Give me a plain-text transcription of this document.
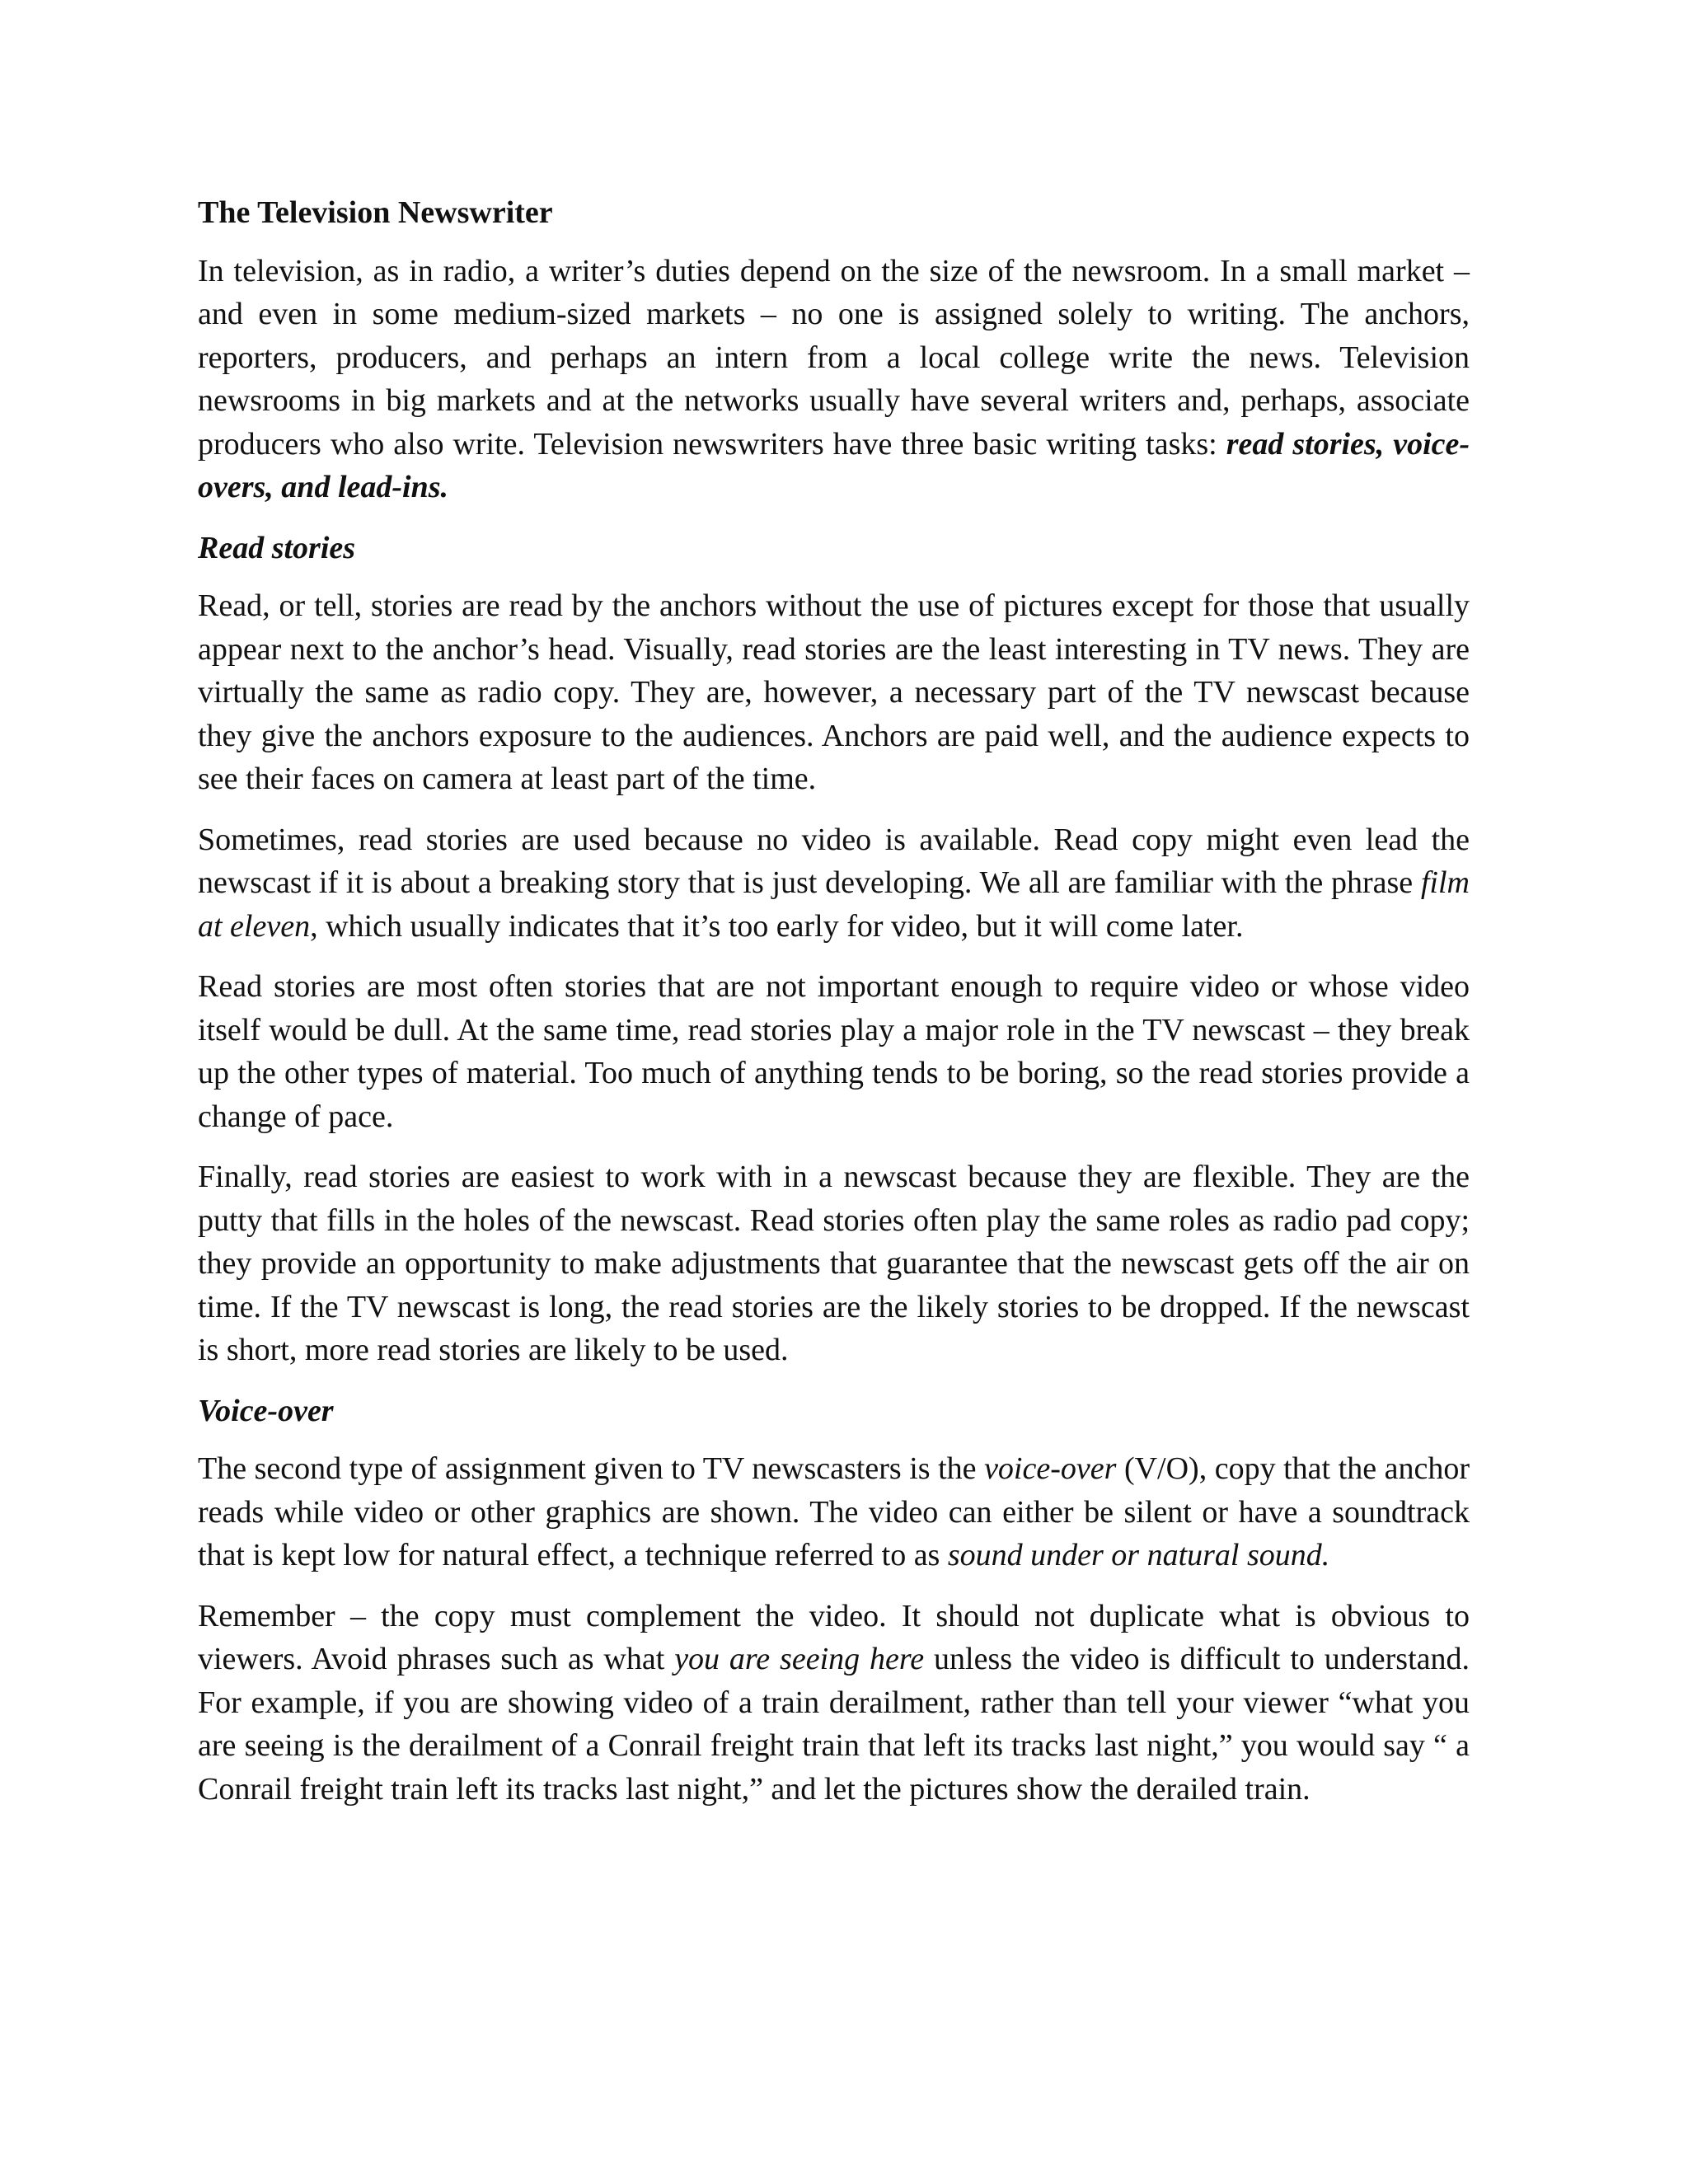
The Television Newswriter

In television, as in radio, a writer’s duties depend on the size of the newsroom. In a small market – and even in some medium-sized markets – no one is assigned solely to writing. The anchors, reporters, producers, and perhaps an intern from a local college write the news. Television newsrooms in big markets and at the networks usually have several writers and, perhaps, associate producers who also write. Television newswriters have three basic writing tasks: read stories, voice-overs, and lead-ins.

Read stories

Read, or tell, stories are read by the anchors without the use of pictures except for those that usually appear next to the anchor’s head. Visually, read stories are the least interesting in TV news. They are virtually the same as radio copy. They are, however, a necessary part of the TV newscast because they give the anchors exposure to the audiences. Anchors are paid well, and the audience expects to see their faces on camera at least part of the time.

Sometimes, read stories are used because no video is available. Read copy might even lead the newscast if it is about a breaking story that is just developing. We all are familiar with the phrase film at eleven, which usually indicates that it’s too early for video, but it will come later.

Read stories are most often stories that are not important enough to require video or whose video itself would be dull. At the same time, read stories play a major role in the TV newscast – they break up the other types of material. Too much of anything tends to be boring, so the read stories provide a change of pace.

Finally, read stories are easiest to work with in a newscast because they are flexible. They are the putty that fills in the holes of the newscast. Read stories often play the same roles as radio pad copy; they provide an opportunity to make adjustments that guarantee that the newscast gets off the air on time. If the TV newscast is long, the read stories are the likely stories to be dropped. If the newscast is short, more read stories are likely to be used.

Voice-over

The second type of assignment given to TV newscasters is the voice-over (V/O), copy that the anchor reads while video or other graphics are shown. The video can either be silent or have a soundtrack that is kept low for natural effect, a technique referred to as sound under or natural sound.

Remember – the copy must complement the video. It should not duplicate what is obvious to viewers. Avoid phrases such as what you are seeing here unless the video is difficult to understand. For example, if you are showing video of a train derailment, rather than tell your viewer “what you are seeing is the derailment of a Conrail freight train that left its tracks last night,” you would say “ a Conrail freight train left its tracks last night,” and let the pictures show the derailed train.
